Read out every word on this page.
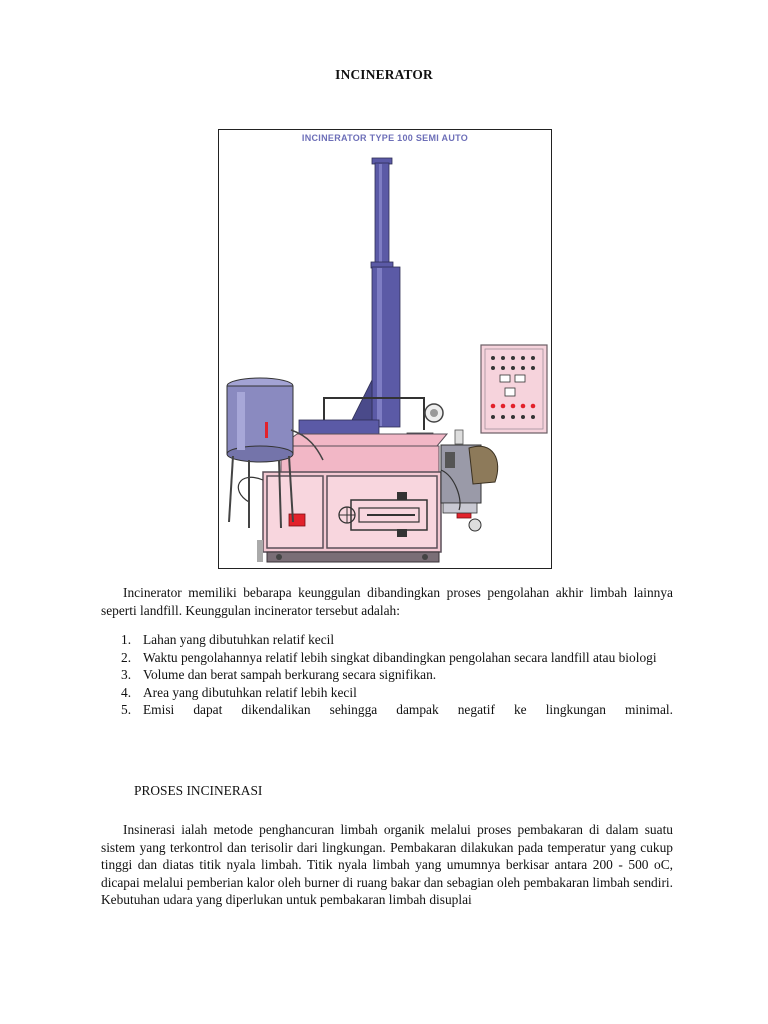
INCINERATOR
INCINERATOR TYPE 100 SEMI AUTO
Incinerator memiliki bebarapa keunggulan dibandingkan proses pengolahan akhir limbah lainnya seperti landfill. Keunggulan incinerator tersebut adalah:
1. Lahan yang dibutuhkan relatif kecil
2. Waktu pengolahannya relatif lebih singkat dibandingkan pengolahan secara landfill atau biologi
3. Volume dan berat sampah berkurang secara signifikan.
4. Area yang dibutuhkan relatif lebih kecil
5. Emisi dapat dikendalikan sehingga dampak negatif ke lingkungan minimal.
PROSES INCINERASI
Insinerasi ialah metode penghancuran limbah organik melalui proses pembakaran di dalam suatu sistem yang terkontrol dan terisolir dari lingkungan. Pembakaran dilakukan pada temperatur yang cukup tinggi dan diatas titik nyala limbah. Titik nyala limbah yang umumnya berkisar antara 200 - 500 oC, dicapai melalui pemberian kalor oleh burner di ruang bakar dan sebagian oleh pembakaran limbah sendiri. Kebutuhan udara yang diperlukan untuk pembakaran limbah disuplai
